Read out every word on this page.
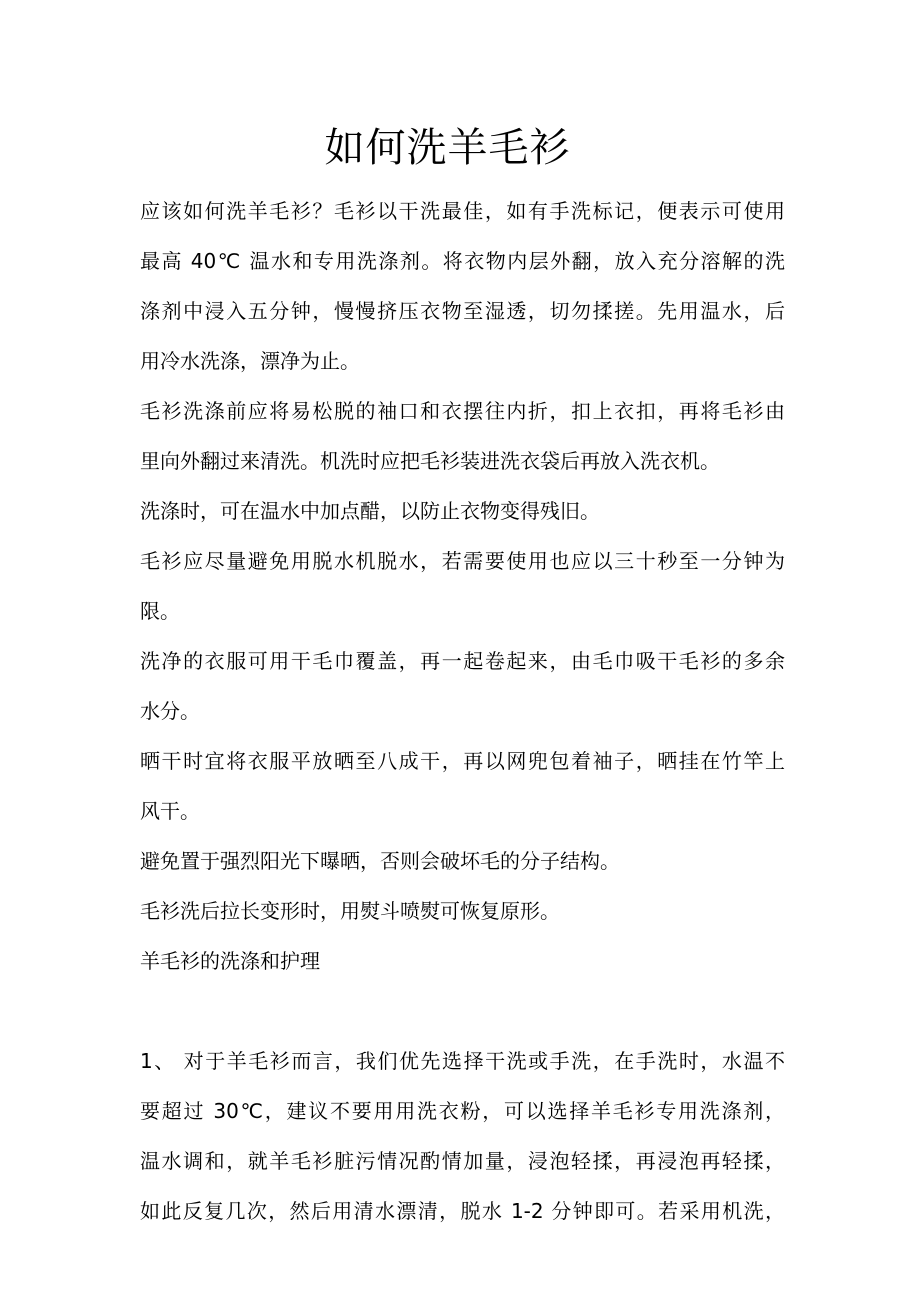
如何洗羊毛衫
应该如何洗羊毛衫？毛衫以干洗最佳，如有手洗标记，便表示可使用
最高 40℃ 温水和专用洗涤剂。将衣物内层外翻，放入充分溶解的洗
涤剂中浸入五分钟，慢慢挤压衣物至湿透，切勿揉搓。先用温水，后
用冷水洗涤，漂净为止。
毛衫洗涤前应将易松脱的袖口和衣摆往内折，扣上衣扣，再将毛衫由
里向外翻过来清洗。机洗时应把毛衫装进洗衣袋后再放入洗衣机。
洗涤时，可在温水中加点醋，以防止衣物变得残旧。
毛衫应尽量避免用脱水机脱水，若需要使用也应以三十秒至一分钟为
限。
洗净的衣服可用干毛巾覆盖，再一起卷起来，由毛巾吸干毛衫的多余
水分。
晒干时宜将衣服平放晒至八成干，再以网兜包着袖子，晒挂在竹竿上
风干。
避免置于强烈阳光下曝晒，否则会破坏毛的分子结构。
毛衫洗后拉长变形时，用熨斗喷熨可恢复原形。
羊毛衫的洗涤和护理
1、 对于羊毛衫而言，我们优先选择干洗或手洗，在手洗时，水温不
要超过 30℃，建议不要用用洗衣粉，可以选择羊毛衫专用洗涤剂，
温水调和，就羊毛衫脏污情况酌情加量，浸泡轻揉，再浸泡再轻揉，
如此反复几次，然后用清水漂清，脱水 1-2 分钟即可。若采用机洗，
